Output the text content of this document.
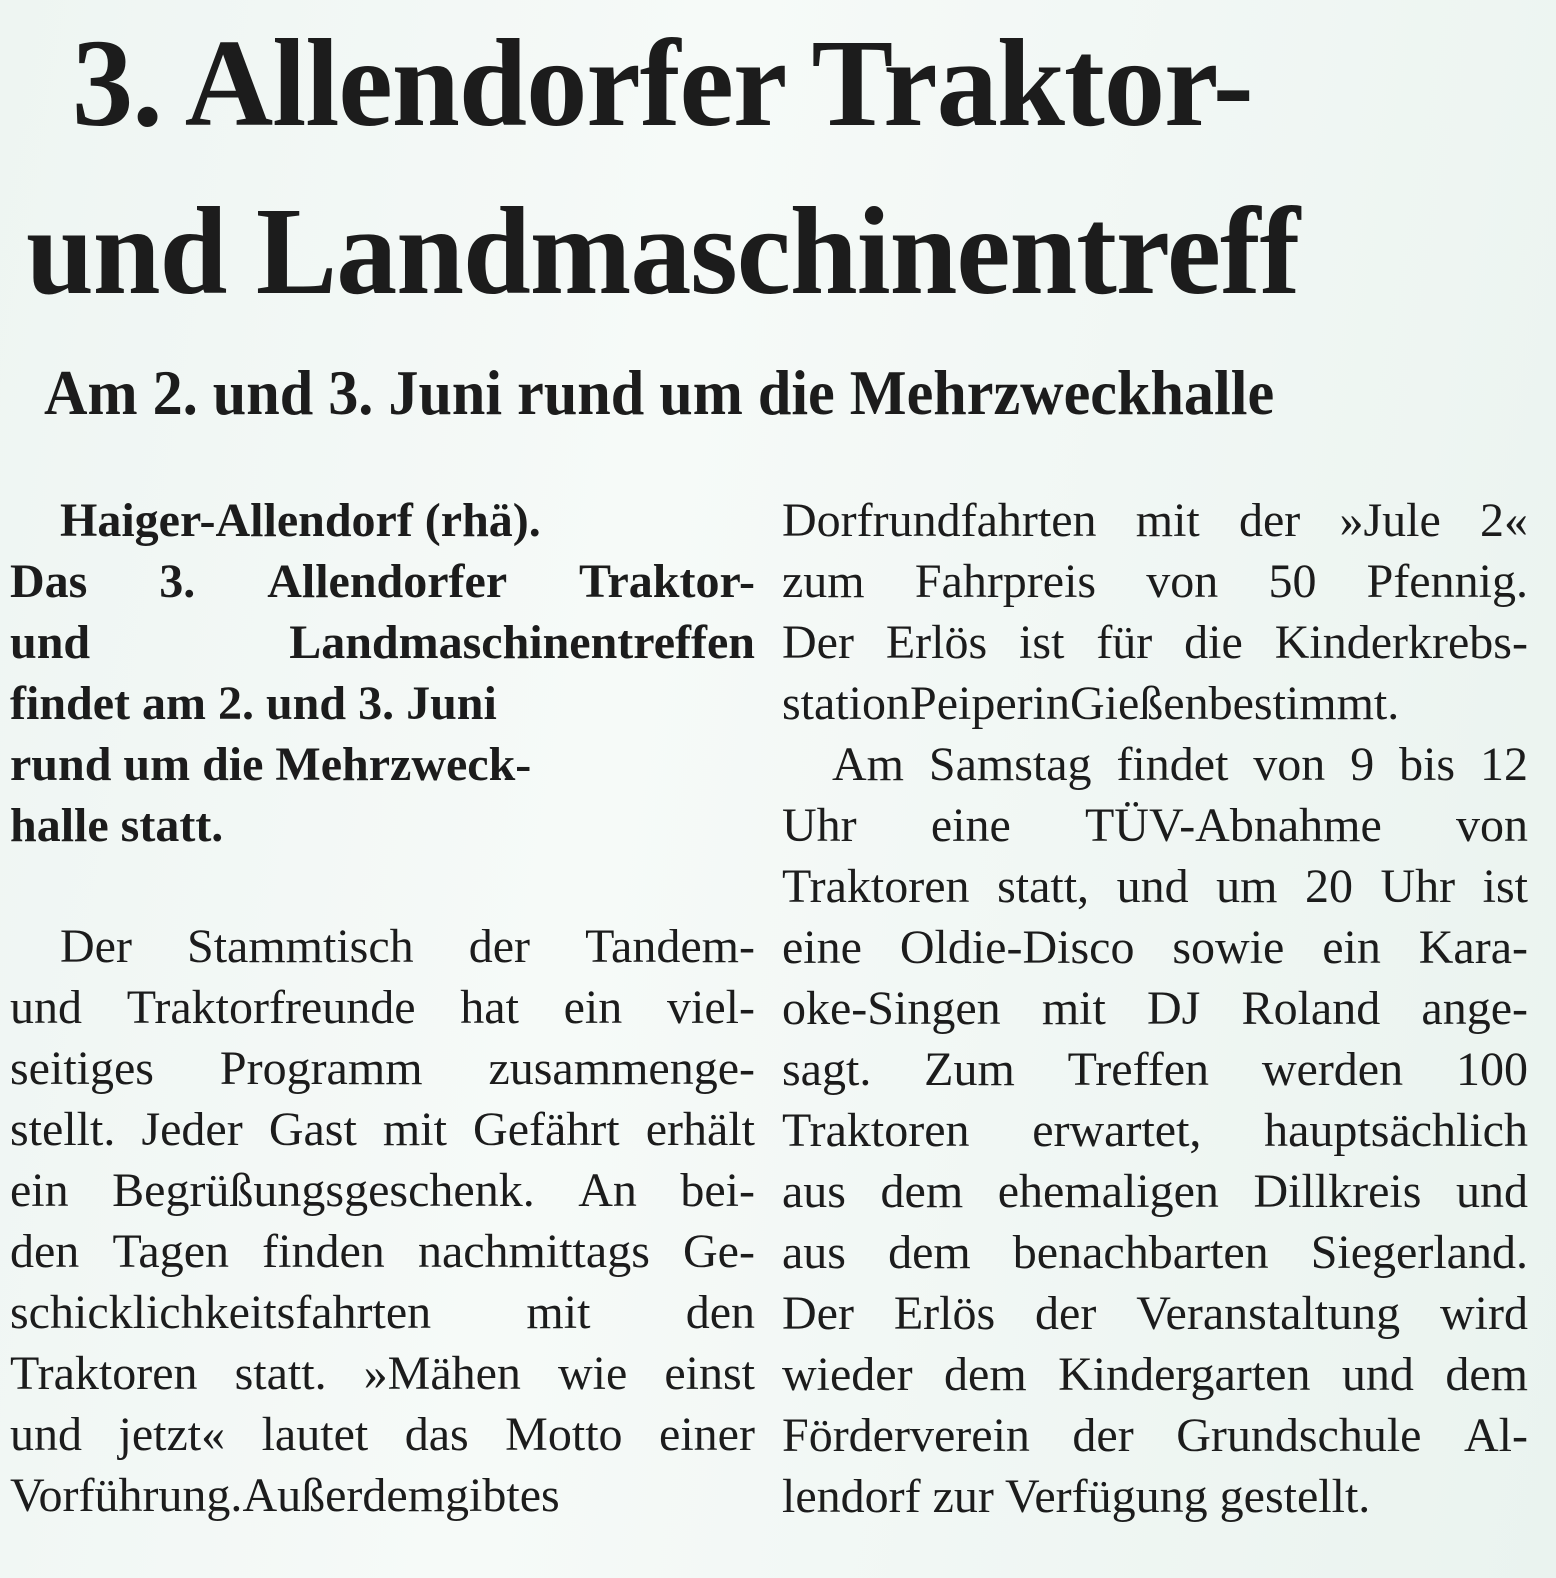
3. Allendorfer Traktor-
und Landmaschinentreff
Am 2. und 3. Juni rund um die Mehrzweckhalle
Haiger-Allendorf (rhä).
Das 3. Allendorfer Traktor-
und	Landmaschinentreffen
findet am 2. und 3. Juni
rund um die Mehrzweck-
halle statt.
Der Stammtisch der Tandem-
und Traktorfreunde hat ein viel-
seitiges Programm zusammenge-
stellt. Jeder Gast mit Gefährt erhält
ein Begrüßungsgeschenk. An bei-
den Tagen finden nachmittags Ge-
schicklichkeitsfahrten mit den
Traktoren statt. »Mähen wie einst
und jetzt« lautet das Motto einer
Vorführung. Außerdem gibt es
Dorfrundfahrten mit der »Jule 2«
zum Fahrpreis von 50 Pfennig.
Der Erlös ist für die Kinderkrebs-
station Peiper in Gießen bestimmt.
Am Samstag findet von 9 bis 12
Uhr eine TÜV-Abnahme von
Traktoren statt, und um 20 Uhr ist
eine Oldie-Disco sowie ein Kara-
oke-Singen mit DJ Roland ange-
sagt. Zum Treffen werden 100
Traktoren erwartet, hauptsächlich
aus dem ehemaligen Dillkreis und
aus dem benachbarten Siegerland.
Der Erlös der Veranstaltung wird
wieder dem Kindergarten und dem
Förderverein der Grundschule Al-
lendorf zur Verfügung gestellt.
